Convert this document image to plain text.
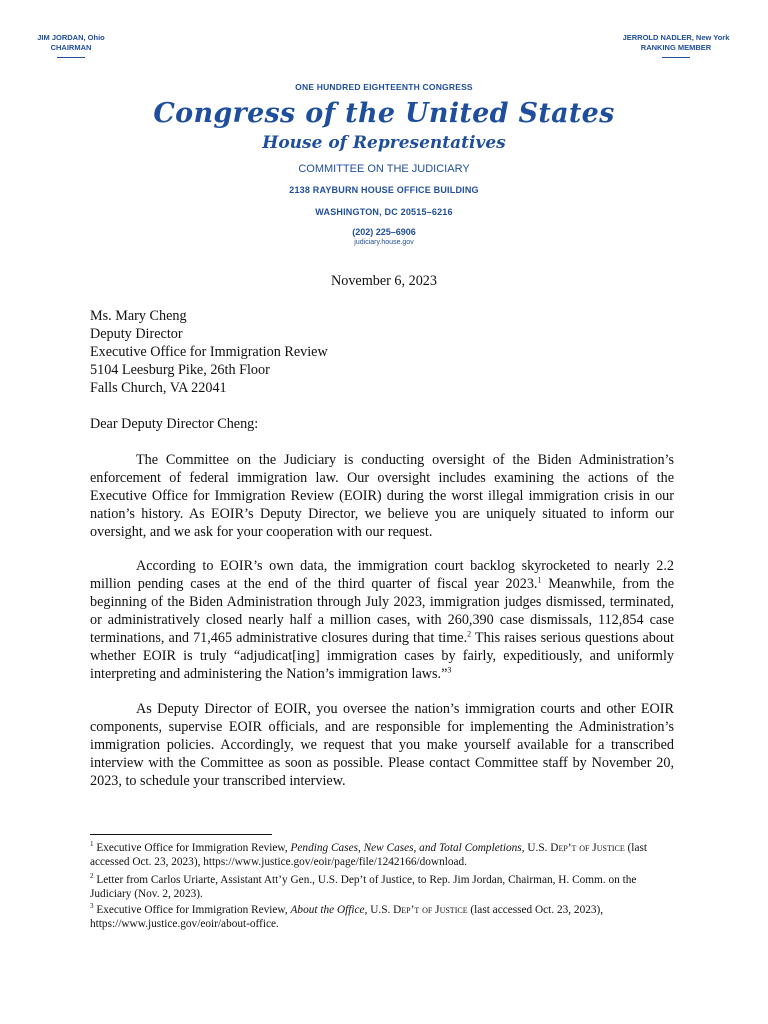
JIM JORDAN, Ohio
CHAIRMAN
JERROLD NADLER, New York
RANKING MEMBER
ONE HUNDRED EIGHTEENTH CONGRESS
Congress of the United States
House of Representatives
COMMITTEE ON THE JUDICIARY
2138 RAYBURN HOUSE OFFICE BUILDING
WASHINGTON, DC 20515–6216
(202) 225–6906
judiciary.house.gov
November 6, 2023
Ms. Mary Cheng
Deputy Director
Executive Office for Immigration Review
5104 Leesburg Pike, 26th Floor
Falls Church, VA 22041
Dear Deputy Director Cheng:
The Committee on the Judiciary is conducting oversight of the Biden Administration’s enforcement of federal immigration law. Our oversight includes examining the actions of the Executive Office for Immigration Review (EOIR) during the worst illegal immigration crisis in our nation’s history. As EOIR’s Deputy Director, we believe you are uniquely situated to inform our oversight, and we ask for your cooperation with our request.
According to EOIR’s own data, the immigration court backlog skyrocketed to nearly 2.2 million pending cases at the end of the third quarter of fiscal year 2023.$^1$ Meanwhile, from the beginning of the Biden Administration through July 2023, immigration judges dismissed, terminated, or administratively closed nearly half a million cases, with 260,390 case dismissals, 112,854 case terminations, and 71,465 administrative closures during that time.$^2$ This raises serious questions about whether EOIR is truly “adjudicat[ing] immigration cases by fairly, expeditiously, and uniformly interpreting and administering the Nation’s immigration laws.”$^3$
As Deputy Director of EOIR, you oversee the nation’s immigration courts and other EOIR components, supervise EOIR officials, and are responsible for implementing the Administration’s immigration policies. Accordingly, we request that you make yourself available for a transcribed interview with the Committee as soon as possible. Please contact Committee staff by November 20, 2023, to schedule your transcribed interview.
$^1$ Executive Office for Immigration Review, Pending Cases, New Cases, and Total Completions, U.S. Dep’t of Justice (last accessed Oct. 23, 2023), https://www.justice.gov/eoir/page/file/1242166/download.
$^2$ Letter from Carlos Uriarte, Assistant Att’y Gen., U.S. Dep’t of Justice, to Rep. Jim Jordan, Chairman, H. Comm. on the Judiciary (Nov. 2, 2023).
$^3$ Executive Office for Immigration Review, About the Office, U.S. Dep’t of Justice (last accessed Oct. 23, 2023), https://www.justice.gov/eoir/about-office.
